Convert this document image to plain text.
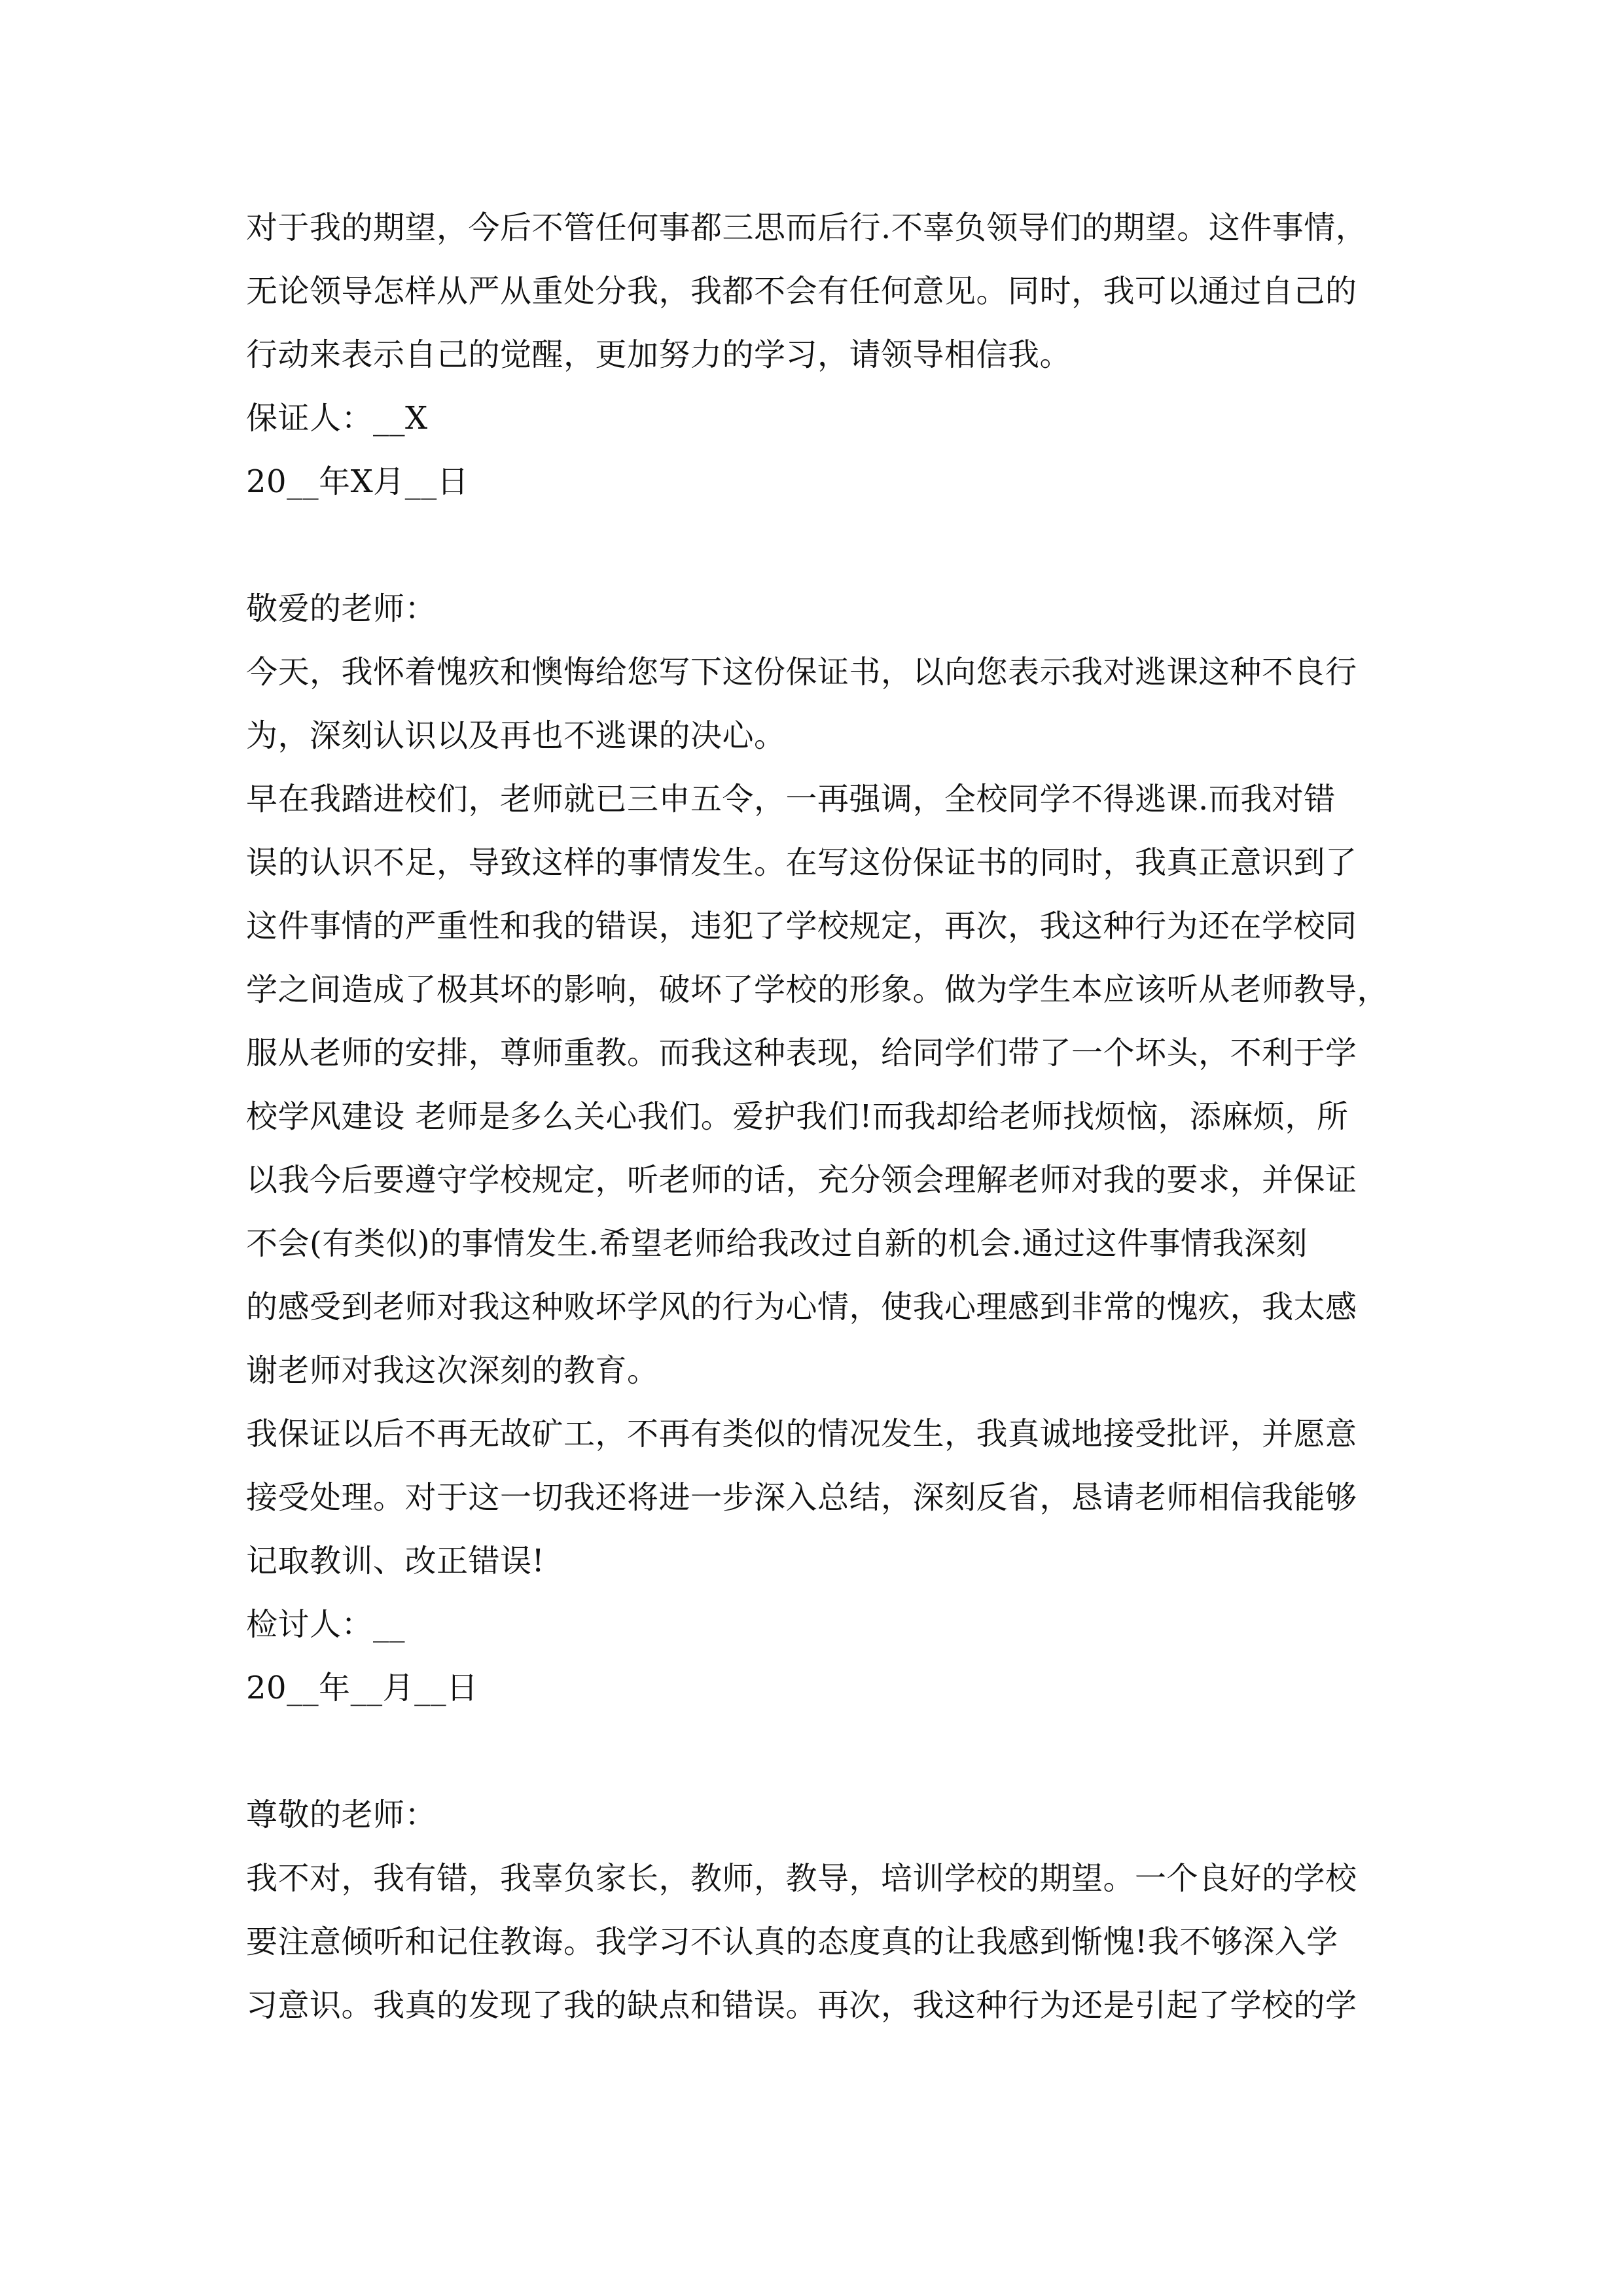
对于我的期望，今后不管任何事都三思而后行.不辜负领导们的期望。这件事情，
无论领导怎样从严从重处分我，我都不会有任何意见。同时，我可以通过自己的
行动来表示自己的觉醒，更加努力的学习，请领导相信我。
保证人：__X
20__年X月__日
敬爱的老师：
今天，我怀着愧疚和懊悔给您写下这份保证书，以向您表示我对逃课这种不良行
为，深刻认识以及再也不逃课的决心。
早在我踏进校们，老师就已三申五令，一再强调，全校同学不得逃课.而我对错
误的认识不足，导致这样的事情发生。在写这份保证书的同时，我真正意识到了
这件事情的严重性和我的错误，违犯了学校规定，再次，我这种行为还在学校同
学之间造成了极其坏的影响，破坏了学校的形象。做为学生本应该听从老师教导，
服从老师的安排，尊师重教。而我这种表现，给同学们带了一个坏头，不利于学
校学风建设 老师是多么关心我们。爱护我们!而我却给老师找烦恼，添麻烦，所
以我今后要遵守学校规定，听老师的话，充分领会理解老师对我的要求，并保证
不会(有类似)的事情发生.希望老师给我改过自新的机会.通过这件事情我深刻
的感受到老师对我这种败坏学风的行为心情，使我心理感到非常的愧疚，我太感
谢老师对我这次深刻的教育。
我保证以后不再无故矿工，不再有类似的情况发生，我真诚地接受批评，并愿意
接受处理。对于这一切我还将进一步深入总结，深刻反省，恳请老师相信我能够
记取教训、改正错误!
检讨人：__
20__年__月__日
尊敬的老师：
我不对，我有错，我辜负家长，教师，教导，培训学校的期望。一个良好的学校
要注意倾听和记住教诲。我学习不认真的态度真的让我感到惭愧!我不够深入学
习意识。我真的发现了我的缺点和错误。再次，我这种行为还是引起了学校的学
